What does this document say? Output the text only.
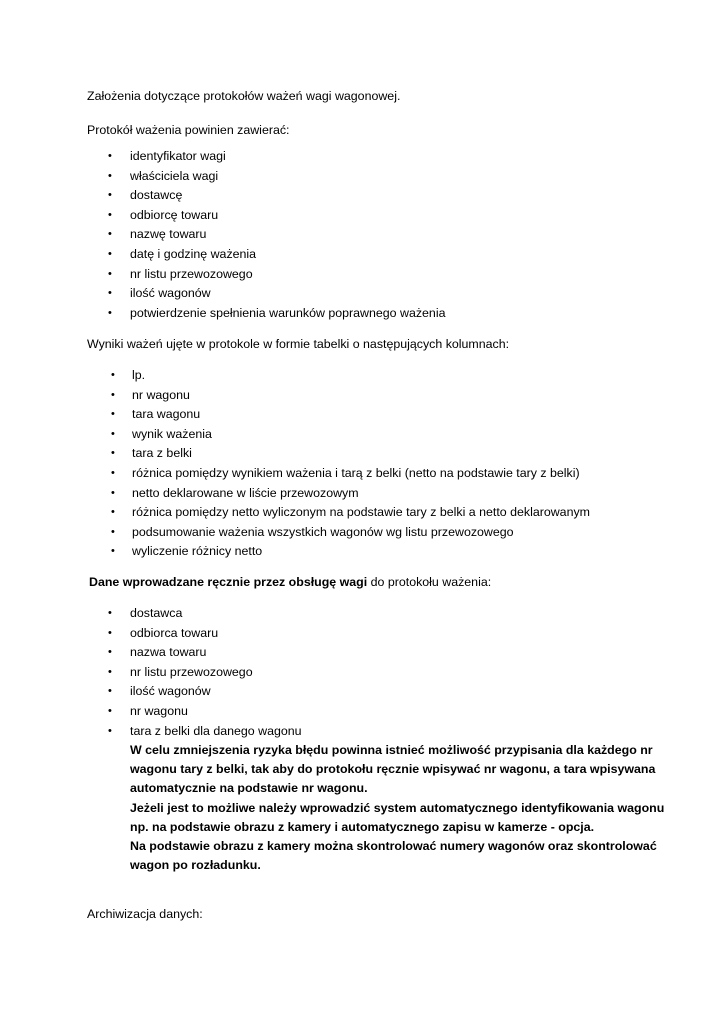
Założenia dotyczące protokołów ważeń wagi wagonowej.
Protokół ważenia powinien zawierać:
• identyfikator wagi
• właściciela wagi
• dostawcę
• odbiorcę towaru
• nazwę towaru
• datę i godzinę ważenia
• nr listu przewozowego
• ilość wagonów
• potwierdzenie spełnienia warunków poprawnego ważenia
Wyniki ważeń ujęte w protokole w formie tabelki o następujących kolumnach:
• lp.
• nr wagonu
• tara wagonu
• wynik ważenia
• tara z belki
• różnica pomiędzy wynikiem ważenia i tarą z belki (netto na podstawie tary z belki)
• netto deklarowane w liście przewozowym
• różnica pomiędzy netto wyliczonym na podstawie tary z belki a netto deklarowanym
• podsumowanie ważenia wszystkich wagonów wg listu przewozowego
• wyliczenie różnicy netto
Dane wprowadzane ręcznie przez obsługę wagi do protokołu ważenia:
• dostawca
• odbiorca towaru
• nazwa towaru
• nr listu przewozowego
• ilość wagonów
• nr wagonu
• tara z belki dla danego wagonu
W celu zmniejszenia ryzyka błędu powinna istnieć możliwość przypisania dla każdego nr
wagonu tary z belki, tak aby do protokołu ręcznie wpisywać nr wagonu, a tara wpisywana
automatycznie na podstawie nr wagonu.
Jeżeli jest to możliwe należy wprowadzić system automatycznego identyfikowania wagonu
np. na podstawie obrazu z kamery i automatycznego zapisu w kamerze - opcja.
Na podstawie obrazu z kamery można skontrolować numery wagonów oraz skontrolować
wagon po rozładunku.
Archiwizacja danych:
